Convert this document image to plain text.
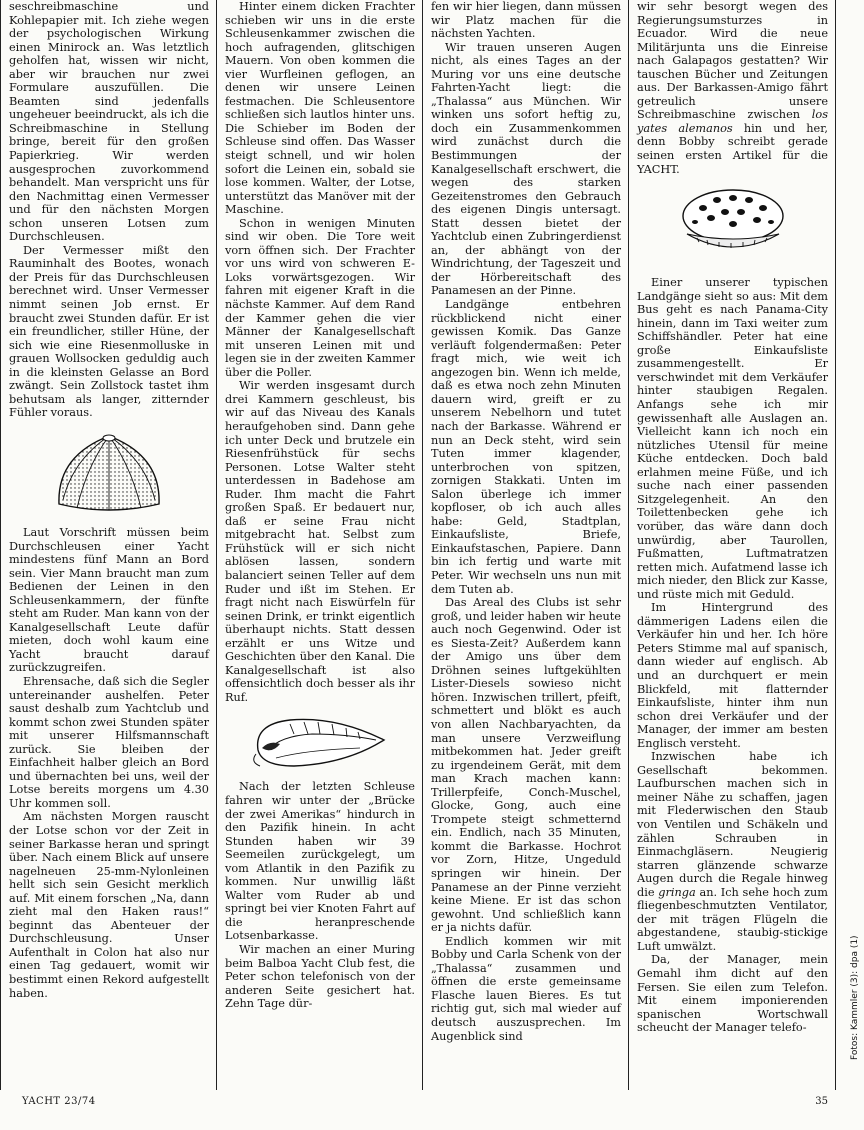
seschreibmaschine und Kohlepapier mit. Ich ziehe wegen der psychologischen Wirkung einen Minirock an. Was letztlich geholfen hat, wissen wir nicht, aber wir brauchen nur zwei Formulare auszufüllen. Die Beamten sind jedenfalls ungeheuer beeindruckt, als ich die Schreibmaschine in Stellung bringe, bereit für den großen Papierkrieg. Wir werden ausgesprochen zuvorkommend behandelt. Man verspricht uns für den Nachmittag einen Vermesser und für den nächsten Morgen schon unseren Lotsen zum Durchschleusen.

Der Vermesser mißt den Rauminhalt des Bootes, wonach der Preis für das Durchschleusen berechnet wird. Unser Vermesser nimmt seinen Job ernst. Er braucht zwei Stunden dafür. Er ist ein freundlicher, stiller Hüne, der sich wie eine Riesenmolluske in grauen Wollsocken geduldig auch in die kleinsten Gelasse an Bord zwängt. Sein Zollstock tastet ihm behutsam als langer, zitternder Fühler voraus.

Laut Vorschrift müssen beim Durchschleusen einer Yacht mindestens fünf Mann an Bord sein. Vier Mann braucht man zum Bedienen der Leinen in den Schleusenkammern, der fünfte steht am Ruder. Man kann von der Kanalgesellschaft Leute dafür mieten, doch wohl kaum eine Yacht braucht darauf zurückzugreifen.

Ehrensache, daß sich die Segler untereinander aushelfen. Peter saust deshalb zum Yachtclub und kommt schon zwei Stunden später mit unserer Hilfsmannschaft zurück. Sie bleiben der Einfachheit halber gleich an Bord und übernachten bei uns, weil der Lotse bereits morgens um 4.30 Uhr kommen soll.

Am nächsten Morgen rauscht der Lotse schon vor der Zeit in seiner Barkasse heran und springt über. Nach einem Blick auf unsere nagelneuen 25-mm-Nylonleinen hellt sich sein Gesicht merklich auf. Mit einem forschen „Na, dann zieht mal den Haken raus!“ beginnt das Abenteuer der Durchschleusung. Unser Aufenthalt in Colon hat also nur einen Tag gedauert, womit wir bestimmt einen Rekord aufgestellt haben.

Hinter einem dicken Frachter schieben wir uns in die erste Schleusenkammer zwischen die hoch aufragenden, glitschigen Mauern. Von oben kommen die vier Wurfleinen geflogen, an denen wir unsere Leinen festmachen. Die Schleusentore schließen sich lautlos hinter uns. Die Schieber im Boden der Schleuse sind offen. Das Wasser steigt schnell, und wir holen sofort die Leinen ein, sobald sie lose kommen. Walter, der Lotse, unterstützt das Manöver mit der Maschine.

Schon in wenigen Minuten sind wir oben. Die Tore weit vorn öffnen sich. Der Frachter vor uns wird von schweren E-Loks vorwärtsgezogen. Wir fahren mit eigener Kraft in die nächste Kammer. Auf dem Rand der Kammer gehen die vier Männer der Kanalgesellschaft mit unseren Leinen mit und legen sie in der zweiten Kammer über die Poller.

Wir werden insgesamt durch drei Kammern geschleust, bis wir auf das Niveau des Kanals heraufgehoben sind. Dann gehe ich unter Deck und brutzele ein Riesenfrühstück für sechs Personen. Lotse Walter steht unterdessen in Badehose am Ruder. Ihm macht die Fahrt großen Spaß. Er bedauert nur, daß er seine Frau nicht mitgebracht hat. Selbst zum Frühstück will er sich nicht ablösen lassen, sondern balanciert seinen Teller auf dem Ruder und ißt im Stehen. Er fragt nicht nach Eiswürfeln für seinen Drink, er trinkt eigentlich überhaupt nichts. Statt dessen erzählt er uns Witze und Geschichten über den Kanal. Die Kanalgesellschaft ist also offensichtlich doch besser als ihr Ruf.

Nach der letzten Schleuse fahren wir unter der „Brücke der zwei Amerikas“ hindurch in den Pazifik hinein. In acht Stunden haben wir 39 Seemeilen zurückgelegt, um vom Atlantik in den Pazifik zu kommen. Nur unwillig läßt Walter vom Ruder ab und springt bei vier Knoten Fahrt auf die heranpreschende Lotsenbarkasse.

Wir machen an einer Muring beim Balboa Yacht Club fest, die Peter schon telefonisch von der anderen Seite gesichert hat. Zehn Tage dür-

fen wir hier liegen, dann müssen wir Platz machen für die nächsten Yachten.

Wir trauen unseren Augen nicht, als eines Tages an der Muring vor uns eine deutsche Fahrten-Yacht liegt: die „Thalassa“ aus München. Wir winken uns sofort heftig zu, doch ein Zusammenkommen wird zunächst durch die Bestimmungen der Kanalgesellschaft erschwert, die wegen des starken Gezeitenstromes den Gebrauch des eigenen Dingis untersagt. Statt dessen bietet der Yachtclub einen Zubringerdienst an, der abhängt von der Windrichtung, der Tageszeit und der Hörbereitschaft des Panamesen an der Pinne.

Landgänge entbehren rückblickend nicht einer gewissen Komik. Das Ganze verläuft folgendermaßen: Peter fragt mich, wie weit ich angezogen bin. Wenn ich melde, daß es etwa noch zehn Minuten dauern wird, greift er zu unserem Nebelhorn und tutet nach der Barkasse. Während er nun an Deck steht, wird sein Tuten immer klagender, unterbrochen von spitzen, zornigen Stakkati. Unten im Salon überlege ich immer kopfloser, ob ich auch alles habe: Geld, Stadtplan, Einkaufsliste, Briefe, Einkaufstaschen, Papiere. Dann bin ich fertig und warte mit Peter. Wir wechseln uns nun mit dem Tuten ab.

Das Areal des Clubs ist sehr groß, und leider haben wir heute auch noch Gegenwind. Oder ist es Siesta-Zeit? Außerdem kann der Amigo uns über dem Dröhnen seines luftgekühlten Lister-Diesels sowieso nicht hören. Inzwischen trillert, pfeift, schmettert und blökt es auch von allen Nachbaryachten, da man unsere Verzweiflung mitbekommen hat. Jeder greift zu irgendeinem Gerät, mit dem man Krach machen kann: Trillerpfeife, Conch-Muschel, Glocke, Gong, auch eine Trompete steigt schmetternd ein. Endlich, nach 35 Minuten, kommt die Barkasse. Hochrot vor Zorn, Hitze, Ungeduld springen wir hinein. Der Panamese an der Pinne verzieht keine Miene. Er ist das schon gewohnt. Und schließlich kann er ja nichts dafür.

Endlich kommen wir mit Bobby und Carla Schenk von der „Thalassa“ zusammen und öffnen die erste gemeinsame Flasche lauen Bieres. Es tut richtig gut, sich mal wieder auf deutsch auszusprechen. Im Augenblick sind

wir sehr besorgt wegen des Regierungsumsturzes in Ecuador. Wird die neue Militärjunta uns die Einreise nach Galapagos gestatten? Wir tauschen Bücher und Zeitungen aus. Der Barkassen-Amigo fährt getreulich unsere Schreibmaschine zwischen los yates alemanos hin und her, denn Bobby schreibt gerade seinen ersten Artikel für die YACHT.

Einer unserer typischen Landgänge sieht so aus: Mit dem Bus geht es nach Panama-City hinein, dann im Taxi weiter zum Schiffshändler. Peter hat eine große Einkaufsliste zusammengestellt. Er verschwindet mit dem Verkäufer hinter staubigen Regalen. Anfangs sehe ich mir gewissenhaft alle Auslagen an. Vielleicht kann ich noch ein nützliches Utensil für meine Küche entdecken. Doch bald erlahmen meine Füße, und ich suche nach einer passenden Sitzgelegenheit. An den Toilettenbecken gehe ich vorüber, das wäre dann doch unwürdig, aber Taurollen, Fußmatten, Luftmatratzen retten mich. Aufatmend lasse ich mich nieder, den Blick zur Kasse, und rüste mich mit Geduld.

Im Hintergrund des dämmerigen Ladens eilen die Verkäufer hin und her. Ich höre Peters Stimme mal auf spanisch, dann wieder auf englisch. Ab und an durchquert er mein Blickfeld, mit flatternder Einkaufsliste, hinter ihm nun schon drei Verkäufer und der Manager, der immer am besten Englisch versteht.

Inzwischen habe ich Gesellschaft bekommen. Laufburschen machen sich in meiner Nähe zu schaffen, jagen mit Flederwischen den Staub von Ventilen und Schäkeln und zählen Schrauben in Einmachgläsern. Neugierig starren glänzende schwarze Augen durch die Regale hinweg die gringa an. Ich sehe hoch zum fliegenbeschmutzten Ventilator, der mit trägen Flügeln die abgestandene, staubig-stickige Luft umwälzt.

Da, der Manager, mein Gemahl ihm dicht auf den Fersen. Sie eilen zum Telefon. Mit einem imponierenden spanischen Wortschwall scheucht der Manager telefo-	Fotos: Kammler (3): dpa (1)
YACHT 23/74	35
